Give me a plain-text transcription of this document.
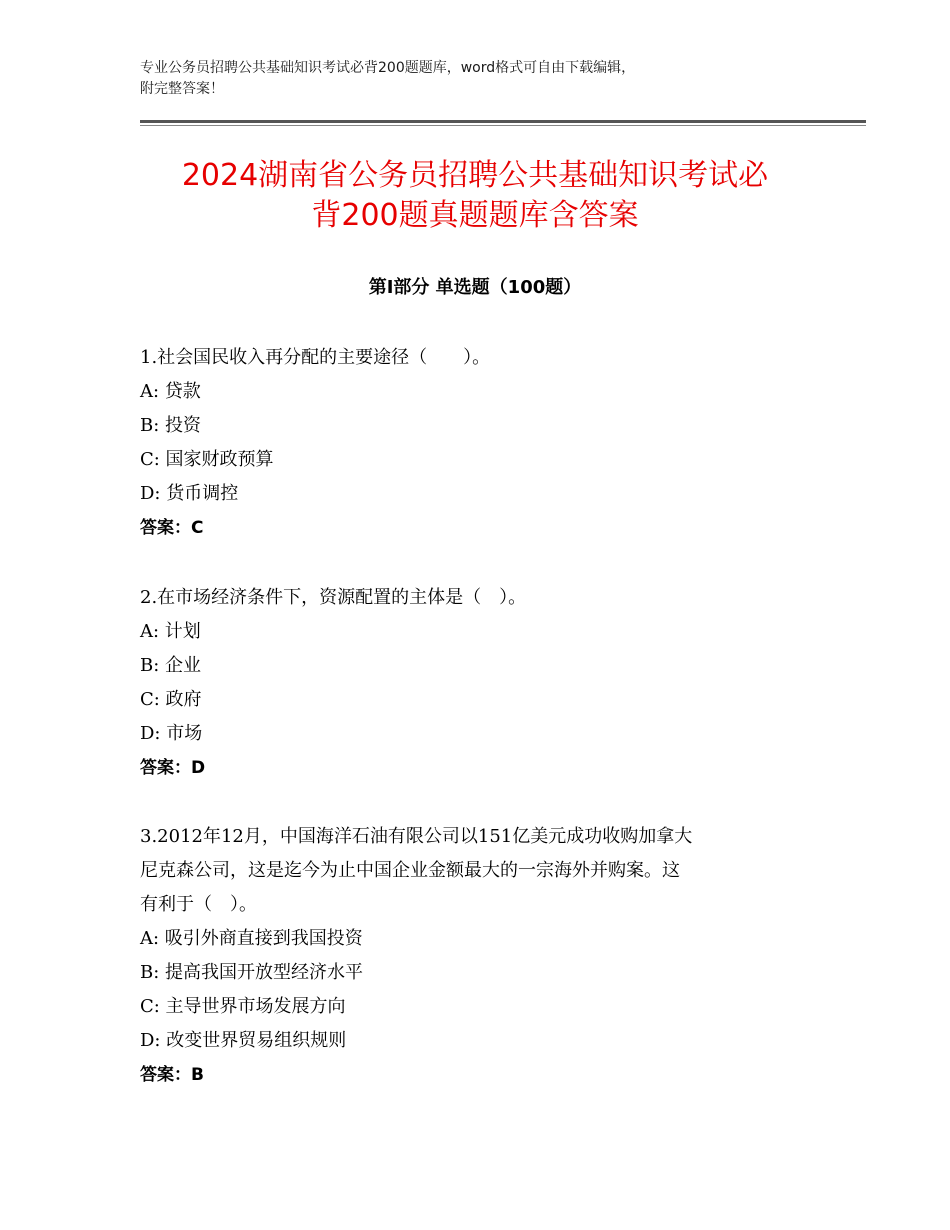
专业公务员招聘公共基础知识考试必背200题题库，word格式可自由下载编辑，
附完整答案！
2024湖南省公务员招聘公共基础知识考试必
背200题真题题库含答案
第Ⅰ部分 单选题（100题）
1.社会国民收入再分配的主要途径（　　）。
A: 贷款
B: 投资
C: 国家财政预算
D: 货币调控
答案：C
2.在市场经济条件下，资源配置的主体是（　）。
A: 计划
B: 企业
C: 政府
D: 市场
答案：D
3.2012年12月，中国海洋石油有限公司以151亿美元成功收购加拿大
尼克森公司，这是迄今为止中国企业金额最大的一宗海外并购案。这
有利于（　）。
A: 吸引外商直接到我国投资
B: 提高我国开放型经济水平
C: 主导世界市场发展方向
D: 改变世界贸易组织规则
答案：B
